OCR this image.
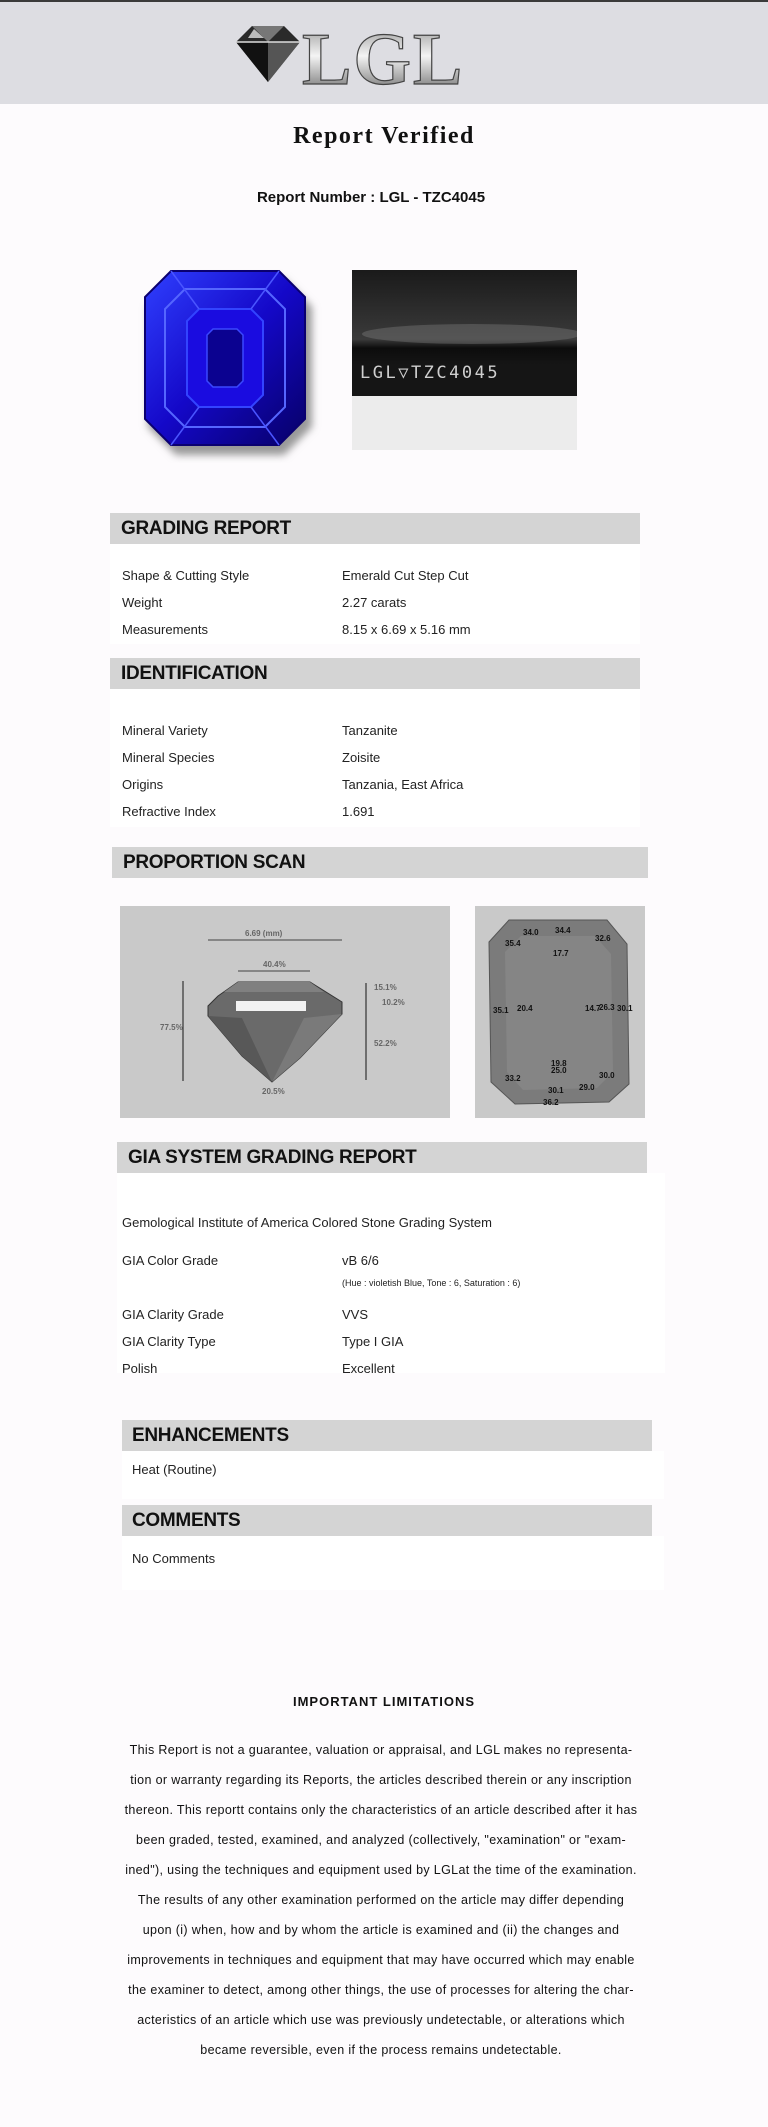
LGL
Report Verified
Report Number : LGL - TZC4045
LGL▽TZC4045
GRADING REPORT
Shape & Cutting Style	Emerald Cut Step Cut
Weight	2.27 carats
Measurements	8.15 x 6.69 x 5.16 mm
IDENTIFICATION
Mineral Variety	Tanzanite
Mineral Species	Zoisite
Origins	Tanzania, East Africa
Refractive Index	1.691
PROPORTION SCAN
6.69 (mm)
40.4%
77.5%
15.1%
10.2%
52.2%
20.5%
34.0 34.4
35.4
32.6
17.7
35.1 20.4	14.7
26.3 30.1
19.8
25.0
33.2	30.0
30.1 29.0
36.2
GIA SYSTEM GRADING REPORT
Gemological Institute of America Colored Stone Grading System
GIA Color Grade	vB 6/6
(Hue : violetish Blue, Tone : 6, Saturation : 6)
GIA Clarity Grade	VVS
GIA Clarity Type	Type I GIA
Polish	Excellent
ENHANCEMENTS
Heat (Routine)
COMMENTS
No Comments
IMPORTANT LIMITATIONS
This Report is not a guarantee, valuation or appraisal, and LGL makes no representa-
tion or warranty regarding its Reports, the articles described therein or any inscription
thereon. This reportt contains only the characteristics of an article described after it has
been graded, tested, examined, and analyzed (collectively, "examination" or "exam-
ined"), using the techniques and equipment used by LGLat the time of the examination.
The results of any other examination performed on the article may differ depending
upon (i) when, how and by whom the article is examined and (ii) the changes and
improvements in techniques and equipment that may have occurred which may enable
the examiner to detect, among other things, the use of processes for altering the char-
acteristics of an article which use was previously undetectable, or alterations which
became reversible, even if the process remains undetectable.
